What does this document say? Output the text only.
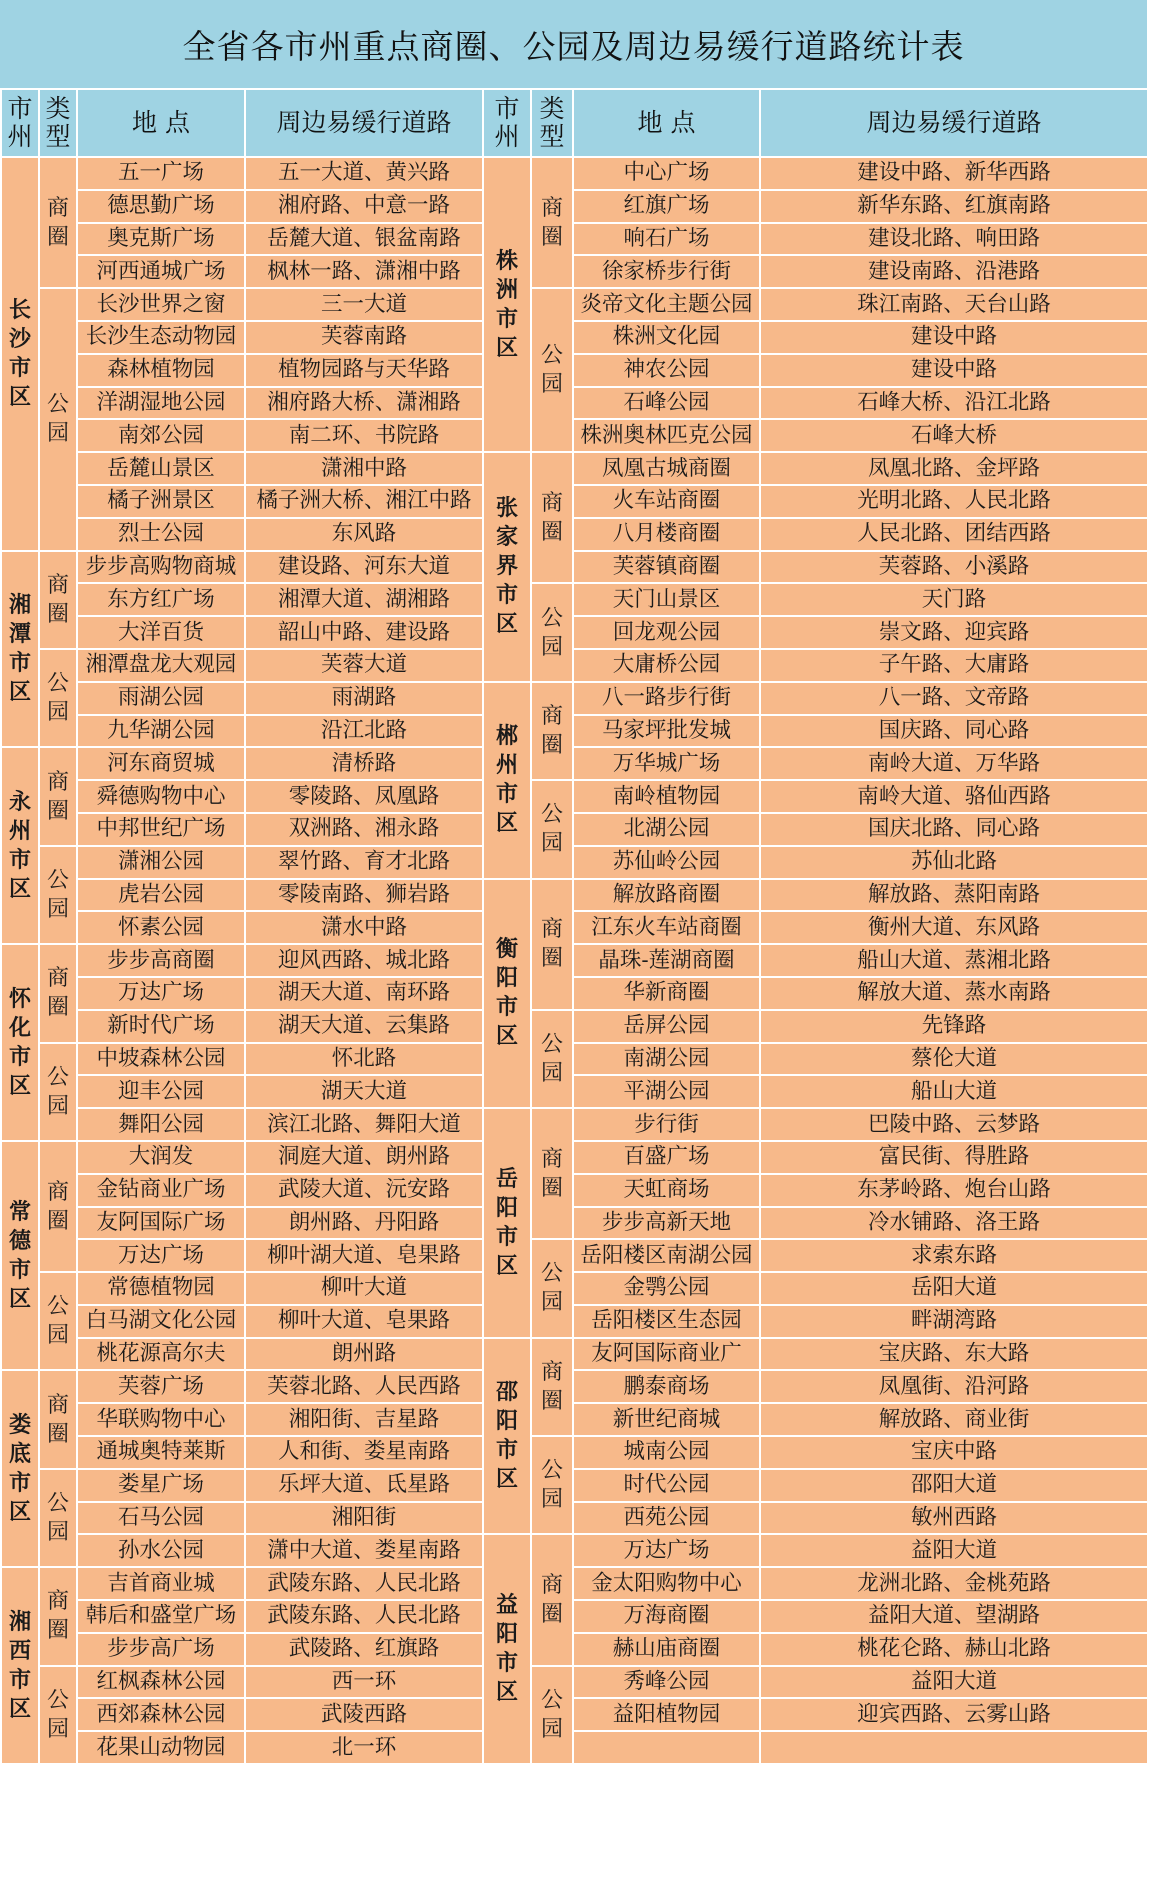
全省各市州重点商圈、公园及周边易缓行道路统计表
市州	类型	地 点	周边易缓行道路	市州	类型	地 点	周边易缓行道路
长沙市区	商圈	五一广场	五一大道、黄兴路	株洲市区	商圈	中心广场	建设中路、新华西路
		德思勤广场	湘府路、中意一路			红旗广场	新华东路、红旗南路
		奥克斯广场	岳麓大道、银盆南路			响石广场	建设北路、响田路
		河西通城广场	枫林一路、潇湘中路			徐家桥步行街	建设南路、沿港路
	公园	长沙世界之窗	三一大道		公园	炎帝文化主题公园	珠江南路、天台山路
		长沙生态动物园	芙蓉南路			株洲文化园	建设中路
		森林植物园	植物园路与天华路			神农公园	建设中路
		洋湖湿地公园	湘府路大桥、潇湘路			石峰公园	石峰大桥、沿江北路
		南郊公园	南二环、书院路			株洲奥林匹克公园	石峰大桥
		岳麓山景区	潇湘中路	张家界市区	商圈	凤凰古城商圈	凤凰北路、金坪路
		橘子洲景区	橘子洲大桥、湘江中路			火车站商圈	光明北路、人民北路
		烈士公园	东风路			八月楼商圈	人民北路、团结西路
湘潭市区	商圈	步步高购物商城	建设路、河东大道			芙蓉镇商圈	芙蓉路、小溪路
		东方红广场	湘潭大道、湖湘路		公园	天门山景区	天门路
		大洋百货	韶山中路、建设路			回龙观公园	崇文路、迎宾路
	公园	湘潭盘龙大观园	芙蓉大道			大庸桥公园	子午路、大庸路
		雨湖公园	雨湖路	郴州市区	商圈	八一路步行街	八一路、文帝路
		九华湖公园	沿江北路			马家坪批发城	国庆路、同心路
永州市区	商圈	河东商贸城	清桥路			万华城广场	南岭大道、万华路
		舜德购物中心	零陵路、凤凰路		公园	南岭植物园	南岭大道、骆仙西路
		中邦世纪广场	双洲路、湘永路			北湖公园	国庆北路、同心路
	公园	潇湘公园	翠竹路、育才北路			苏仙岭公园	苏仙北路
		虎岩公园	零陵南路、狮岩路	衡阳市区	商圈	解放路商圈	解放路、蒸阳南路
		怀素公园	潇水中路			江东火车站商圈	衡州大道、东风路
怀化市区	商圈	步步高商圈	迎风西路、城北路			晶珠-莲湖商圈	船山大道、蒸湘北路
		万达广场	湖天大道、南环路			华新商圈	解放大道、蒸水南路
		新时代广场	湖天大道、云集路		公园	岳屏公园	先锋路
	公园	中坡森林公园	怀北路			南湖公园	蔡伦大道
		迎丰公园	湖天大道			平湖公园	船山大道
		舞阳公园	滨江北路、舞阳大道	岳阳市区	商圈	步行街	巴陵中路、云梦路
常德市区	商圈	大润发	洞庭大道、朗州路			百盛广场	富民街、得胜路
		金钻商业广场	武陵大道、沅安路			天虹商场	东茅岭路、炮台山路
		友阿国际广场	朗州路、丹阳路			步步高新天地	冷水铺路、洛王路
		万达广场	柳叶湖大道、皂果路		公园	岳阳楼区南湖公园	求索东路
	公园	常德植物园	柳叶大道			金鹗公园	岳阳大道
		白马湖文化公园	柳叶大道、皂果路			岳阳楼区生态园	畔湖湾路
		桃花源高尔夫	朗州路	邵阳市区	商圈	友阿国际商业广	宝庆路、东大路
娄底市区	商圈	芙蓉广场	芙蓉北路、人民西路			鹏泰商场	凤凰街、沿河路
		华联购物中心	湘阳街、吉星路			新世纪商城	解放路、商业街
		通城奥特莱斯	人和街、娄星南路		公园	城南公园	宝庆中路
	公园	娄星广场	乐坪大道、氐星路			时代公园	邵阳大道
		石马公园	湘阳街			西苑公园	敏州西路
		孙水公园	潇中大道、娄星南路	益阳市区	商圈	万达广场	益阳大道
湘西市区	商圈	吉首商业城	武陵东路、人民北路			金太阳购物中心	龙洲北路、金桃苑路
		韩后和盛堂广场	武陵东路、人民北路			万海商圈	益阳大道、望湖路
		步步高广场	武陵路、红旗路			赫山庙商圈	桃花仑路、赫山北路
	公园	红枫森林公园	西一环		公园	秀峰公园	益阳大道
		西郊森林公园	武陵西路			益阳植物园	迎宾西路、云雾山路
		花果山动物园	北一环				
